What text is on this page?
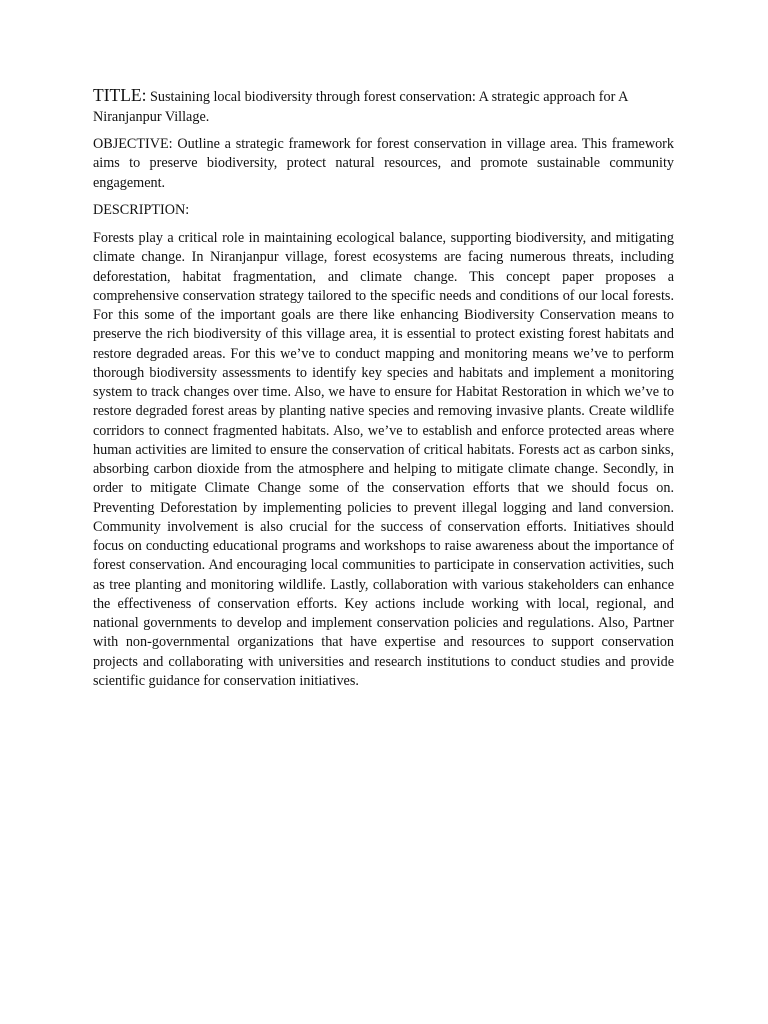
TITLE: Sustaining local biodiversity through forest conservation: A strategic approach for A Niranjanpur Village.

OBJECTIVE: Outline a strategic framework for forest conservation in village area. This framework aims to preserve biodiversity, protect natural resources, and promote sustainable community engagement.

DESCRIPTION:

Forests play a critical role in maintaining ecological balance, supporting biodiversity, and mitigating climate change. In Niranjanpur village, forest ecosystems are facing numerous threats, including deforestation, habitat fragmentation, and climate change. This concept paper proposes a comprehensive conservation strategy tailored to the specific needs and conditions of our local forests. For this some of the important goals are there like enhancing Biodiversity Conservation means to preserve the rich biodiversity of this village area, it is essential to protect existing forest habitats and restore degraded areas. For this we’ve to conduct mapping and monitoring means we’ve to perform thorough biodiversity assessments to identify key species and habitats and implement a monitoring system to track changes over time. Also, we have to ensure for Habitat Restoration in which we’ve to restore degraded forest areas by planting native species and removing invasive plants. Create wildlife corridors to connect fragmented habitats. Also, we’ve to establish and enforce protected areas where human activities are limited to ensure the conservation of critical habitats. Forests act as carbon sinks, absorbing carbon dioxide from the atmosphere and helping to mitigate climate change. Secondly, in order to mitigate Climate Change some of the conservation efforts that we should focus on. Preventing Deforestation by implementing policies to prevent illegal logging and land conversion. Community involvement is also crucial for the success of conservation efforts. Initiatives should focus on conducting educational programs and workshops to raise awareness about the importance of forest conservation. And encouraging local communities to participate in conservation activities, such as tree planting and monitoring wildlife. Lastly, collaboration with various stakeholders can enhance the effectiveness of conservation efforts. Key actions include working with local, regional, and national governments to develop and implement conservation policies and regulations. Also, Partner with non-governmental organizations that have expertise and resources to support conservation projects and collaborating with universities and research institutions to conduct studies and provide scientific guidance for conservation initiatives.
